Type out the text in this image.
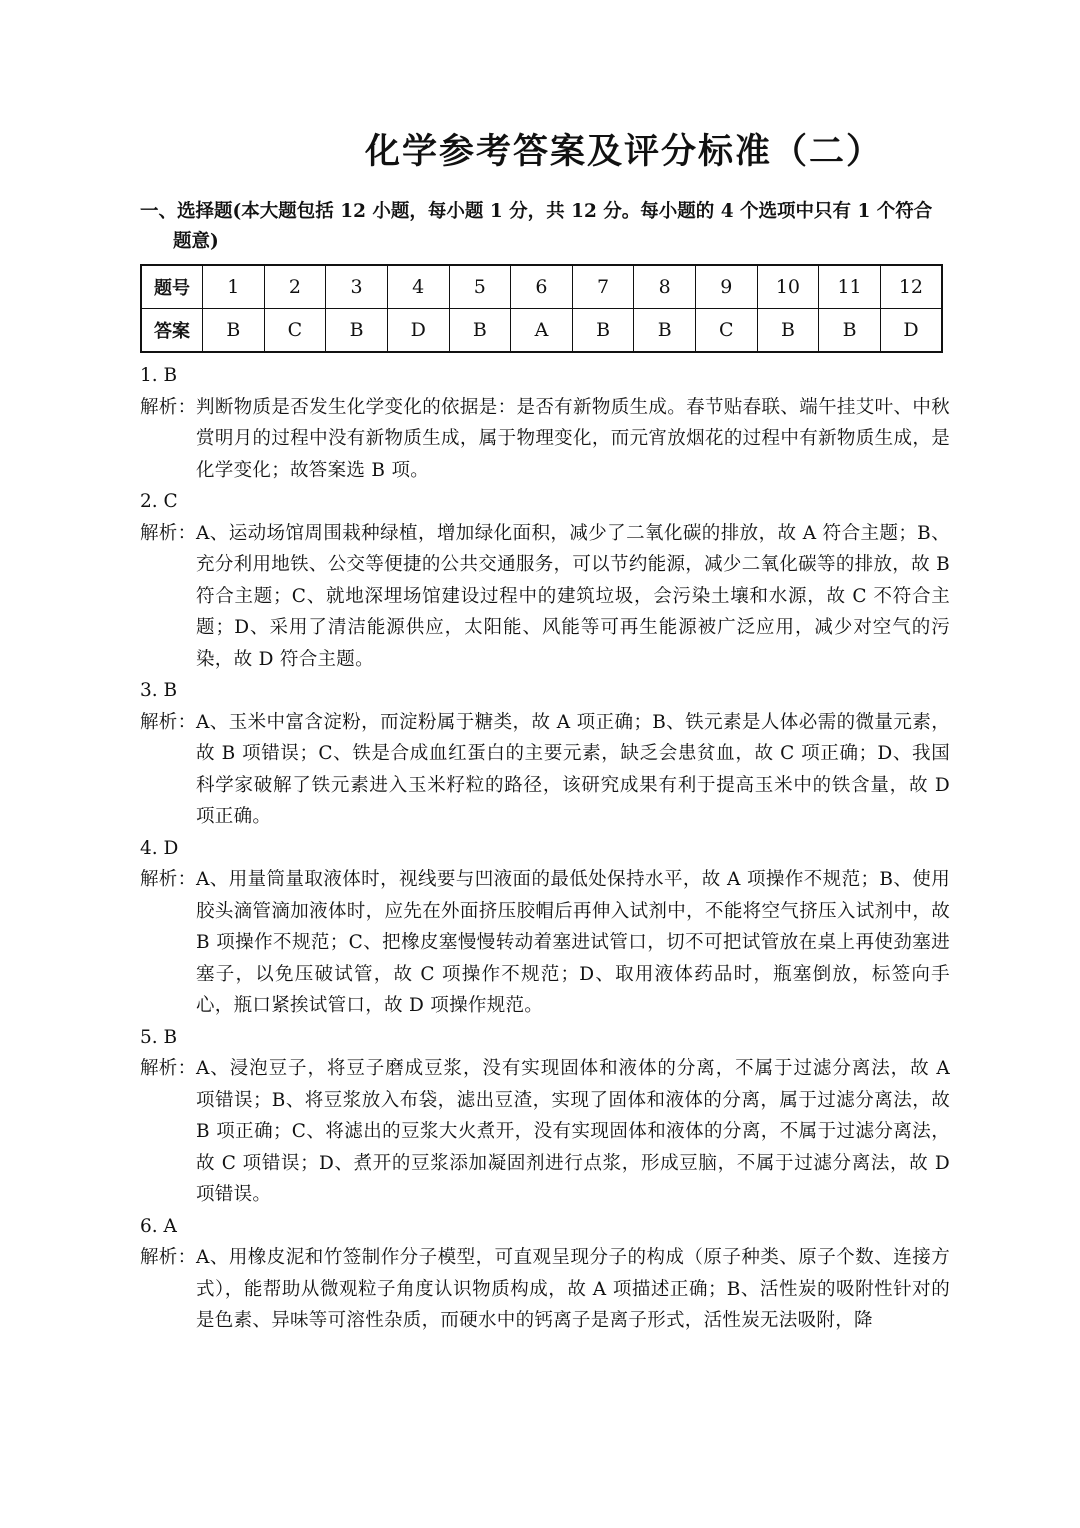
化学参考答案及评分标准（二）
一、选择题(本大题包括 12 小题，每小题 1 分，共 12 分。每小题的 4 个选项中只有 1 个符合
题意)
题号	1	2	3	4	5	6	7	8	9	10	11	12
答案	B	C	B	D	B	A	B	B	C	B	B	D
1. B
解析： 判断物质是否发生化学变化的依据是：是否有新物质生成。春节贴春联、端午挂艾叶、中秋赏明月的过程中没有新物质生成，属于物理变化，而元宵放烟花的过程中有新物质生成，是化学变化；故答案选 B 项。
2. C
解析： A、运动场馆周围栽种绿植，增加绿化面积，减少了二氧化碳的排放，故 A 符合主题；B、充分利用地铁、公交等便捷的公共交通服务，可以节约能源，减少二氧化碳等的排放，故 B 符合主题；C、就地深埋场馆建设过程中的建筑垃圾，会污染土壤和水源，故 C 不符合主题；D、采用了清洁能源供应，太阳能、风能等可再生能源被广泛应用，减少对空气的污染，故 D 符合主题。
3. B
解析： A、玉米中富含淀粉，而淀粉属于糖类，故 A 项正确；B、铁元素是人体必需的微量元素，故 B 项错误；C、铁是合成血红蛋白的主要元素，缺乏会患贫血，故 C 项正确；D、我国科学家破解了铁元素进入玉米籽粒的路径，该研究成果有利于提高玉米中的铁含量，故 D 项正确。
4. D
解析： A、用量筒量取液体时，视线要与凹液面的最低处保持水平，故 A 项操作不规范；B、使用胶头滴管滴加液体时，应先在外面挤压胶帽后再伸入试剂中，不能将空气挤压入试剂中，故 B 项操作不规范；C、把橡皮塞慢慢转动着塞进试管口，切不可把试管放在桌上再使劲塞进塞子，以免压破试管，故 C 项操作不规范；D、取用液体药品时，瓶塞倒放，标签向手心，瓶口紧挨试管口，故 D 项操作规范。
5. B
解析： A、浸泡豆子，将豆子磨成豆浆，没有实现固体和液体的分离，不属于过滤分离法，故 A 项错误；B、将豆浆放入布袋，滤出豆渣，实现了固体和液体的分离，属于过滤分离法，故 B 项正确；C、将滤出的豆浆大火煮开，没有实现固体和液体的分离，不属于过滤分离法，故 C 项错误；D、煮开的豆浆添加凝固剂进行点浆，形成豆脑，不属于过滤分离法，故 D 项错误。
6. A
解析： A、用橡皮泥和竹签制作分子模型，可直观呈现分子的构成（原子种类、原子个数、连接方式），能帮助从微观粒子角度认识物质构成，故 A 项描述正确；B、活性炭的吸附性针对的是色素、异味等可溶性杂质，而硬水中的钙离子是离子形式，活性炭无法吸附，降
